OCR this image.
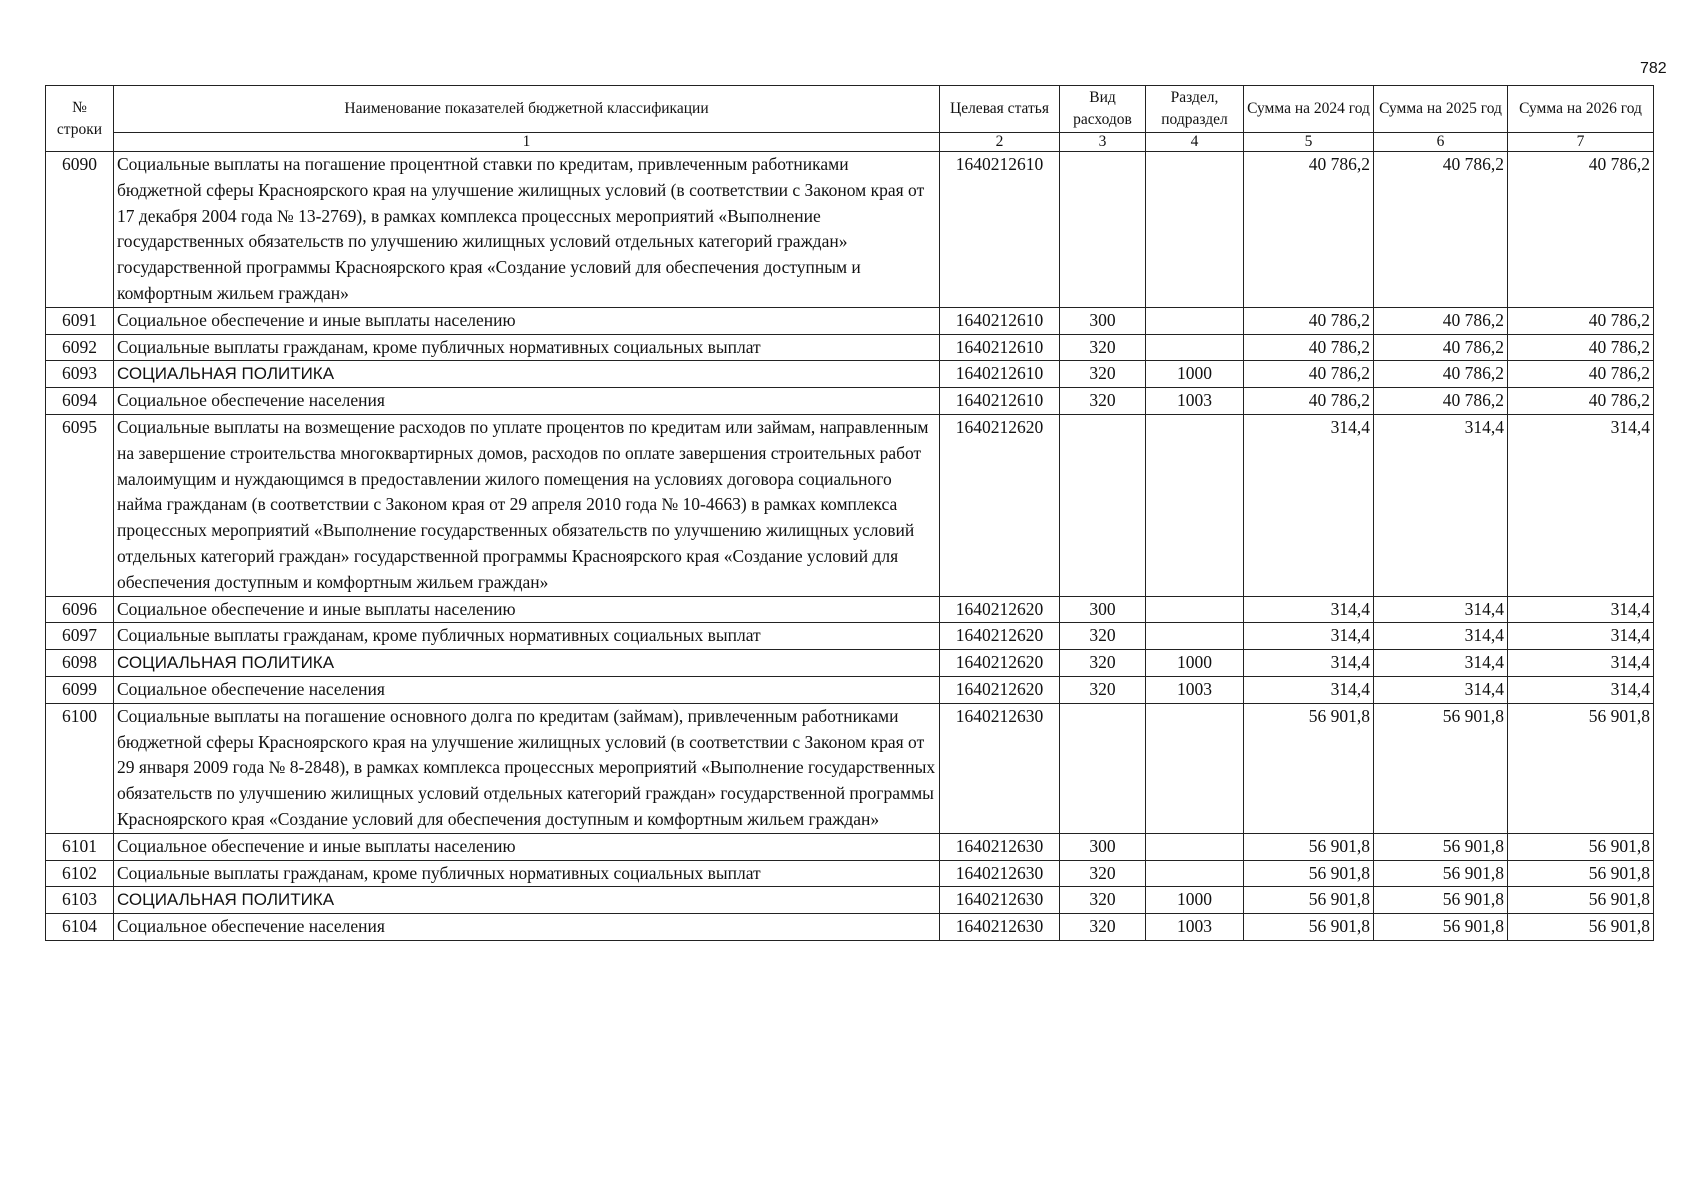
782
№ строки	Наименование показателей бюджетной классификации	Целевая статья	Вид расходов	Раздел, подраздел	Сумма на 2024 год	Сумма на 2025 год	Сумма на 2026 год
	1	2	3	4	5	6	7
6090	Социальные выплаты на погашение процентной ставки по кредитам, привлеченным работниками бюджетной сферы Красноярского края на улучшение жилищных условий (в соответствии с Законом края от 17 декабря 2004 года № 13-2769), в рамках комплекса процессных мероприятий «Выполнение государственных обязательств по улучшению жилищных условий отдельных категорий граждан» государственной программы Красноярского края «Создание условий для обеспечения доступным и комфортным жильем граждан»	1640212610			40 786,2	40 786,2	40 786,2
6091	Социальное обеспечение и иные выплаты населению	1640212610	300		40 786,2	40 786,2	40 786,2
6092	Социальные выплаты гражданам, кроме публичных нормативных социальных выплат	1640212610	320		40 786,2	40 786,2	40 786,2
6093	СОЦИАЛЬНАЯ ПОЛИТИКА	1640212610	320	1000	40 786,2	40 786,2	40 786,2
6094	Социальное обеспечение населения	1640212610	320	1003	40 786,2	40 786,2	40 786,2
6095	Социальные выплаты на возмещение расходов по уплате процентов по кредитам или займам, направленным на завершение строительства многоквартирных домов, расходов по оплате завершения строительных работ малоимущим и нуждающимся в предоставлении жилого помещения на условиях договора социального найма гражданам (в соответствии с Законом края от 29 апреля 2010 года № 10-4663) в рамках комплекса процессных мероприятий «Выполнение государственных обязательств по улучшению жилищных условий отдельных категорий граждан» государственной программы Красноярского края «Создание условий для обеспечения доступным и комфортным жильем граждан»	1640212620			314,4	314,4	314,4
6096	Социальное обеспечение и иные выплаты населению	1640212620	300		314,4	314,4	314,4
6097	Социальные выплаты гражданам, кроме публичных нормативных социальных выплат	1640212620	320		314,4	314,4	314,4
6098	СОЦИАЛЬНАЯ ПОЛИТИКА	1640212620	320	1000	314,4	314,4	314,4
6099	Социальное обеспечение населения	1640212620	320	1003	314,4	314,4	314,4
6100	Социальные выплаты на погашение основного долга по кредитам (займам), привлеченным работниками бюджетной сферы Красноярского края на улучшение жилищных условий (в соответствии с Законом края от 29 января 2009 года № 8-2848), в рамках комплекса процессных мероприятий «Выполнение государственных обязательств по улучшению жилищных условий отдельных категорий граждан» государственной программы Красноярского края «Создание условий для обеспечения доступным и комфортным жильем граждан»	1640212630			56 901,8	56 901,8	56 901,8
6101	Социальное обеспечение и иные выплаты населению	1640212630	300		56 901,8	56 901,8	56 901,8
6102	Социальные выплаты гражданам, кроме публичных нормативных социальных выплат	1640212630	320		56 901,8	56 901,8	56 901,8
6103	СОЦИАЛЬНАЯ ПОЛИТИКА	1640212630	320	1000	56 901,8	56 901,8	56 901,8
6104	Социальное обеспечение населения	1640212630	320	1003	56 901,8	56 901,8	56 901,8
